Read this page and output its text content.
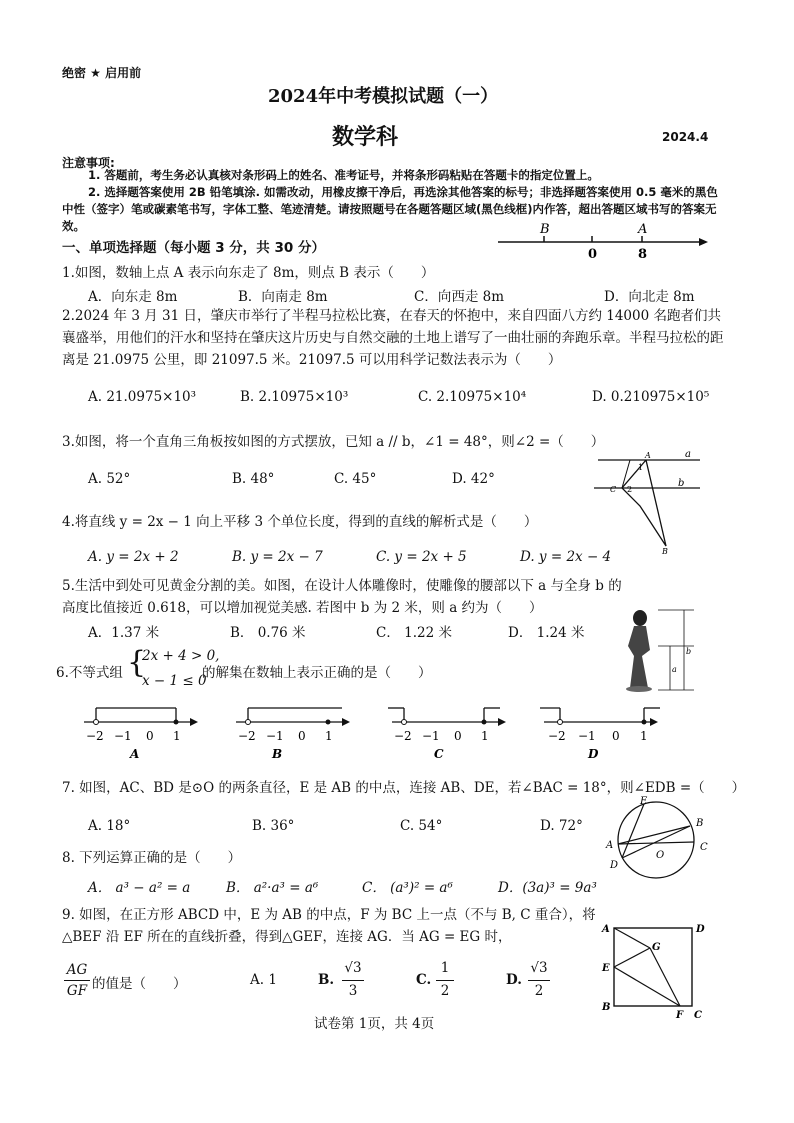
绝密 ★ 启用前
2024年中考模拟试题（一）
数学科	2024.4
注意事项:
1. 答题前，考生务必认真核对条形码上的姓名、准考证号，并将条形码粘贴在答题卡的指定位置上。
2. 选择题答案使用 2B 铅笔填涂. 如需改动，用橡皮擦干净后，再选涂其他答案的标号；非选择题答案使用 0.5 毫米的黑色中性（签字）笔或碳素笔书写，字体工整、笔迹清楚。请按照题号在各题答题区域(黑色线框)内作答，超出答题区域书写的答案无效。
一、单项选择题（每小题 3 分，共 30 分）
B	A
0	8
1.如图，数轴上点 A 表示向东走了 8m，则点 B 表示（　　）
A．向东走 8m	B．向南走 8m	C．向西走 8m	D．向北走 8m
2.2024 年 3 月 31 日，肇庆市举行了半程马拉松比赛，在春天的怀抱中，来自四面八方约 14000 名跑者们共襄盛举，用他们的汗水和坚持在肇庆这片历史与自然交融的土地上谱写了一曲壮丽的奔跑乐章。半程马拉松的距离是 21.0975 公里，即 21097.5 米。21097.5 可以用科学记数法表示为（　　）
A. 21.0975×10³	B. 2.10975×10³	C. 2.10975×10⁴	D. 0.210975×10⁵
3.如图，将一个直角三角板按如图的方式摆放，已知 a // b，∠1 = 48°，则∠2 =（　　）
A. 52°	B. 48°	C. 45°	D. 42°
a
b
A
B
C
1
2
4.将直线 y = 2x − 1 向上平移 3 个单位长度，得到的直线的解析式是（　　）
A. y = 2x + 2	B. y = 2x − 7	C. y = 2x + 5	D. y = 2x − 4
5.生活中到处可见黄金分割的美。如图，在设计人体雕像时，使雕像的腰部以下 a 与全身 b 的高度比值接近 0.618，可以增加视觉美感. 若图中 b 为 2 米，则 a 约为（　　）
A．1.37 米	B． 0.76 米	C． 1.22 米	D． 1.24 米
b
a
6.不等式组 {
2x + 4 > 0,
x − 1 ≤ 0
的解集在数轴上表示正确的是（　　）
−2 −1 0 1
A
−2 −1 0 1
B
−2 −1 0 1
C
−2 −1 0 1
D
7. 如图，AC、BD 是⊙O 的两条直径，E 是 AB 的中点，连接 AB、DE，若∠BAC = 18°，则∠EDB =（　　）
A. 18°	B. 36°	C. 54°	D. 72°
E
B
A	C
D
O
8. 下列运算正确的是（　　）
A． a³ − a² = a	B． a²·a³ = a⁶	C． (a³)² = a⁶	D．(3a)³ = 9a³
9. 如图，在正方形 ABCD 中，E 为 AB 的中点，F 为 BC 上一点（不与 B, C 重合），将△BEF 沿 EF 所在的直线折叠，得到△GEF，连接 AG．当 AG = EG 时，
AG
GF 的值是（　　）	A. 1	B.
√3
3
C.
1
2
D.
√3
2
A	D
G
E
B
F C
试卷第 1页，共 4页
